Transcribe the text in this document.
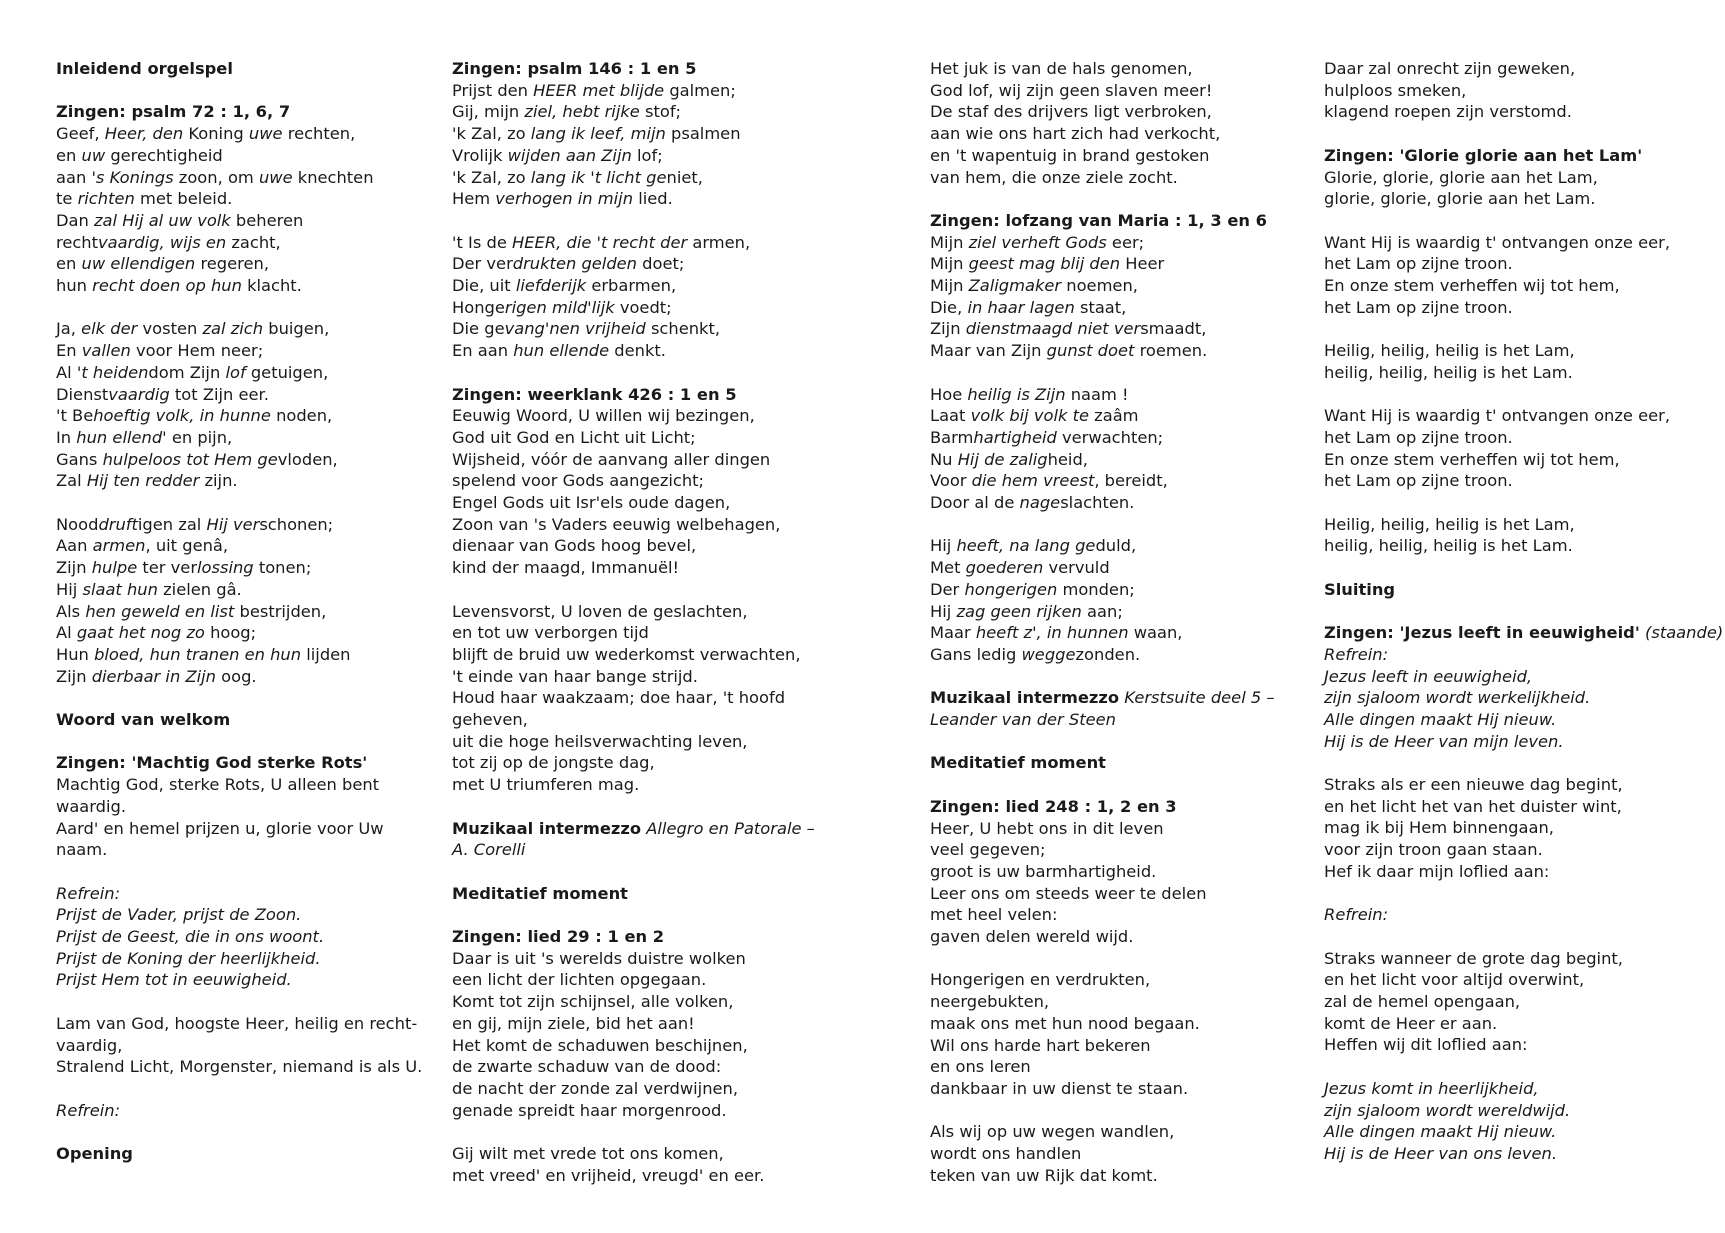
Inleidend orgelspel
Zingen: psalm 72 : 1, 6, 7
Geef, Heer, den Koning uwe rechten,
en uw gerechtigheid
aan 's Konings zoon, om uwe knechten
te richten met beleid.
Dan zal Hij al uw volk beheren
rechtvaardig, wijs en zacht,
en uw ellendigen regeren,
hun recht doen op hun klacht.
Ja, elk der vosten zal zich buigen,
En vallen voor Hem neer;
Al 't heidendom Zijn lof getuigen,
Dienstvaardig tot Zijn eer.
't Behoeftig volk, in hunne noden,
In hun ellend' en pijn,
Gans hulpeloos tot Hem gevloden,
Zal Hij ten redder zijn.
Nooddruftigen zal Hij verschonen;
Aan armen, uit genâ,
Zijn hulpe ter verlossing tonen;
Hij slaat hun zielen gâ.
Als hen geweld en list bestrijden,
Al gaat het nog zo hoog;
Hun bloed, hun tranen en hun lijden
Zijn dierbaar in Zijn oog.
Woord van welkom
Zingen: 'Machtig God sterke Rots'
Machtig God, sterke Rots, U alleen bent
waardig.
Aard' en hemel prijzen u, glorie voor Uw
naam.
Refrein:
Prijst de Vader, prijst de Zoon.
Prijst de Geest, die in ons woont.
Prijst de Koning der heerlijkheid.
Prijst Hem tot in eeuwigheid.
Lam van God, hoogste Heer, heilig en recht-
vaardig,
Stralend Licht, Morgenster, niemand is als U.
Refrein:
Opening
Zingen: psalm 146 : 1 en 5
Prijst den HEER met blijde galmen;
Gij, mijn ziel, hebt rijke stof;
'k Zal, zo lang ik leef, mijn psalmen
Vrolijk wijden aan Zijn lof;
'k Zal, zo lang ik 't licht geniet,
Hem verhogen in mijn lied.
't Is de HEER, die 't recht der armen,
Der verdrukten gelden doet;
Die, uit liefderijk erbarmen,
Hongerigen mild'lijk voedt;
Die gevang'nen vrijheid schenkt,
En aan hun ellende denkt.
Zingen: weerklank 426 : 1 en 5
Eeuwig Woord, U willen wij bezingen,
God uit God en Licht uit Licht;
Wijsheid, vóór de aanvang aller dingen
spelend voor Gods aangezicht;
Engel Gods uit Isr'els oude dagen,
Zoon van 's Vaders eeuwig welbehagen,
dienaar van Gods hoog bevel,
kind der maagd, Immanuël!
Levensvorst, U loven de geslachten,
en tot uw verborgen tijd
blijft de bruid uw wederkomst verwachten,
't einde van haar bange strijd.
Houd haar waakzaam; doe haar, 't hoofd
geheven,
uit die hoge heilsverwachting leven,
tot zij op de jongste dag,
met U triumferen mag.
Muzikaal intermezzo Allegro en Patorale –
A. Corelli
Meditatief moment
Zingen: lied 29 : 1 en 2
Daar is uit 's werelds duistre wolken
een licht der lichten opgegaan.
Komt tot zijn schijnsel, alle volken,
en gij, mijn ziele, bid het aan!
Het komt de schaduwen beschijnen,
de zwarte schaduw van de dood:
de nacht der zonde zal verdwijnen,
genade spreidt haar morgenrood.
Gij wilt met vrede tot ons komen,
met vreed' en vrijheid, vreugd' en eer.
Het juk is van de hals genomen,
God lof, wij zijn geen slaven meer!
De staf des drijvers ligt verbroken,
aan wie ons hart zich had verkocht,
en 't wapentuig in brand gestoken
van hem, die onze ziele zocht.
Zingen: lofzang van Maria : 1, 3 en 6
Mijn ziel verheft Gods eer;
Mijn geest mag blij den Heer
Mijn Zaligmaker noemen,
Die, in haar lagen staat,
Zijn dienstmaagd niet versmaadt,
Maar van Zijn gunst doet roemen.
Hoe heilig is Zijn naam !
Laat volk bij volk te zaâm
Barmhartigheid verwachten;
Nu Hij de zaligheid,
Voor die hem vreest, bereidt,
Door al de nageslachten.
Hij heeft, na lang geduld,
Met goederen vervuld
Der hongerigen monden;
Hij zag geen rijken aan;
Maar heeft z', in hunnen waan,
Gans ledig weggezonden.
Muzikaal intermezzo Kerstsuite deel 5 –
Leander van der Steen
Meditatief moment
Zingen: lied 248 : 1, 2 en 3
Heer, U hebt ons in dit leven
veel gegeven;
groot is uw barmhartigheid.
Leer ons om steeds weer te delen
met heel velen:
gaven delen wereld wijd.
Hongerigen en verdrukten,
neergebukten,
maak ons met hun nood begaan.
Wil ons harde hart bekeren
en ons leren
dankbaar in uw dienst te staan.
Als wij op uw wegen wandlen,
wordt ons handlen
teken van uw Rijk dat komt.
Daar zal onrecht zijn geweken,
hulploos smeken,
klagend roepen zijn verstomd.
Zingen: 'Glorie glorie aan het Lam'
Glorie, glorie, glorie aan het Lam,
glorie, glorie, glorie aan het Lam.
Want Hij is waardig t' ontvangen onze eer,
het Lam op zijne troon.
En onze stem verheffen wij tot hem,
het Lam op zijne troon.
Heilig, heilig, heilig is het Lam,
heilig, heilig, heilig is het Lam.
Want Hij is waardig t' ontvangen onze eer,
het Lam op zijne troon.
En onze stem verheffen wij tot hem,
het Lam op zijne troon.
Heilig, heilig, heilig is het Lam,
heilig, heilig, heilig is het Lam.
Sluiting
Zingen: 'Jezus leeft in eeuwigheid' (staande)
Refrein:
Jezus leeft in eeuwigheid,
zijn sjaloom wordt werkelijkheid.
Alle dingen maakt Hij nieuw.
Hij is de Heer van mijn leven.
Straks als er een nieuwe dag begint,
en het licht het van het duister wint,
mag ik bij Hem binnengaan,
voor zijn troon gaan staan.
Hef ik daar mijn loflied aan:
Refrein:
Straks wanneer de grote dag begint,
en het licht voor altijd overwint,
zal de hemel opengaan,
komt de Heer er aan.
Heffen wij dit loflied aan:
Jezus komt in heerlijkheid,
zijn sjaloom wordt wereldwijd.
Alle dingen maakt Hij nieuw.
Hij is de Heer van ons leven.
